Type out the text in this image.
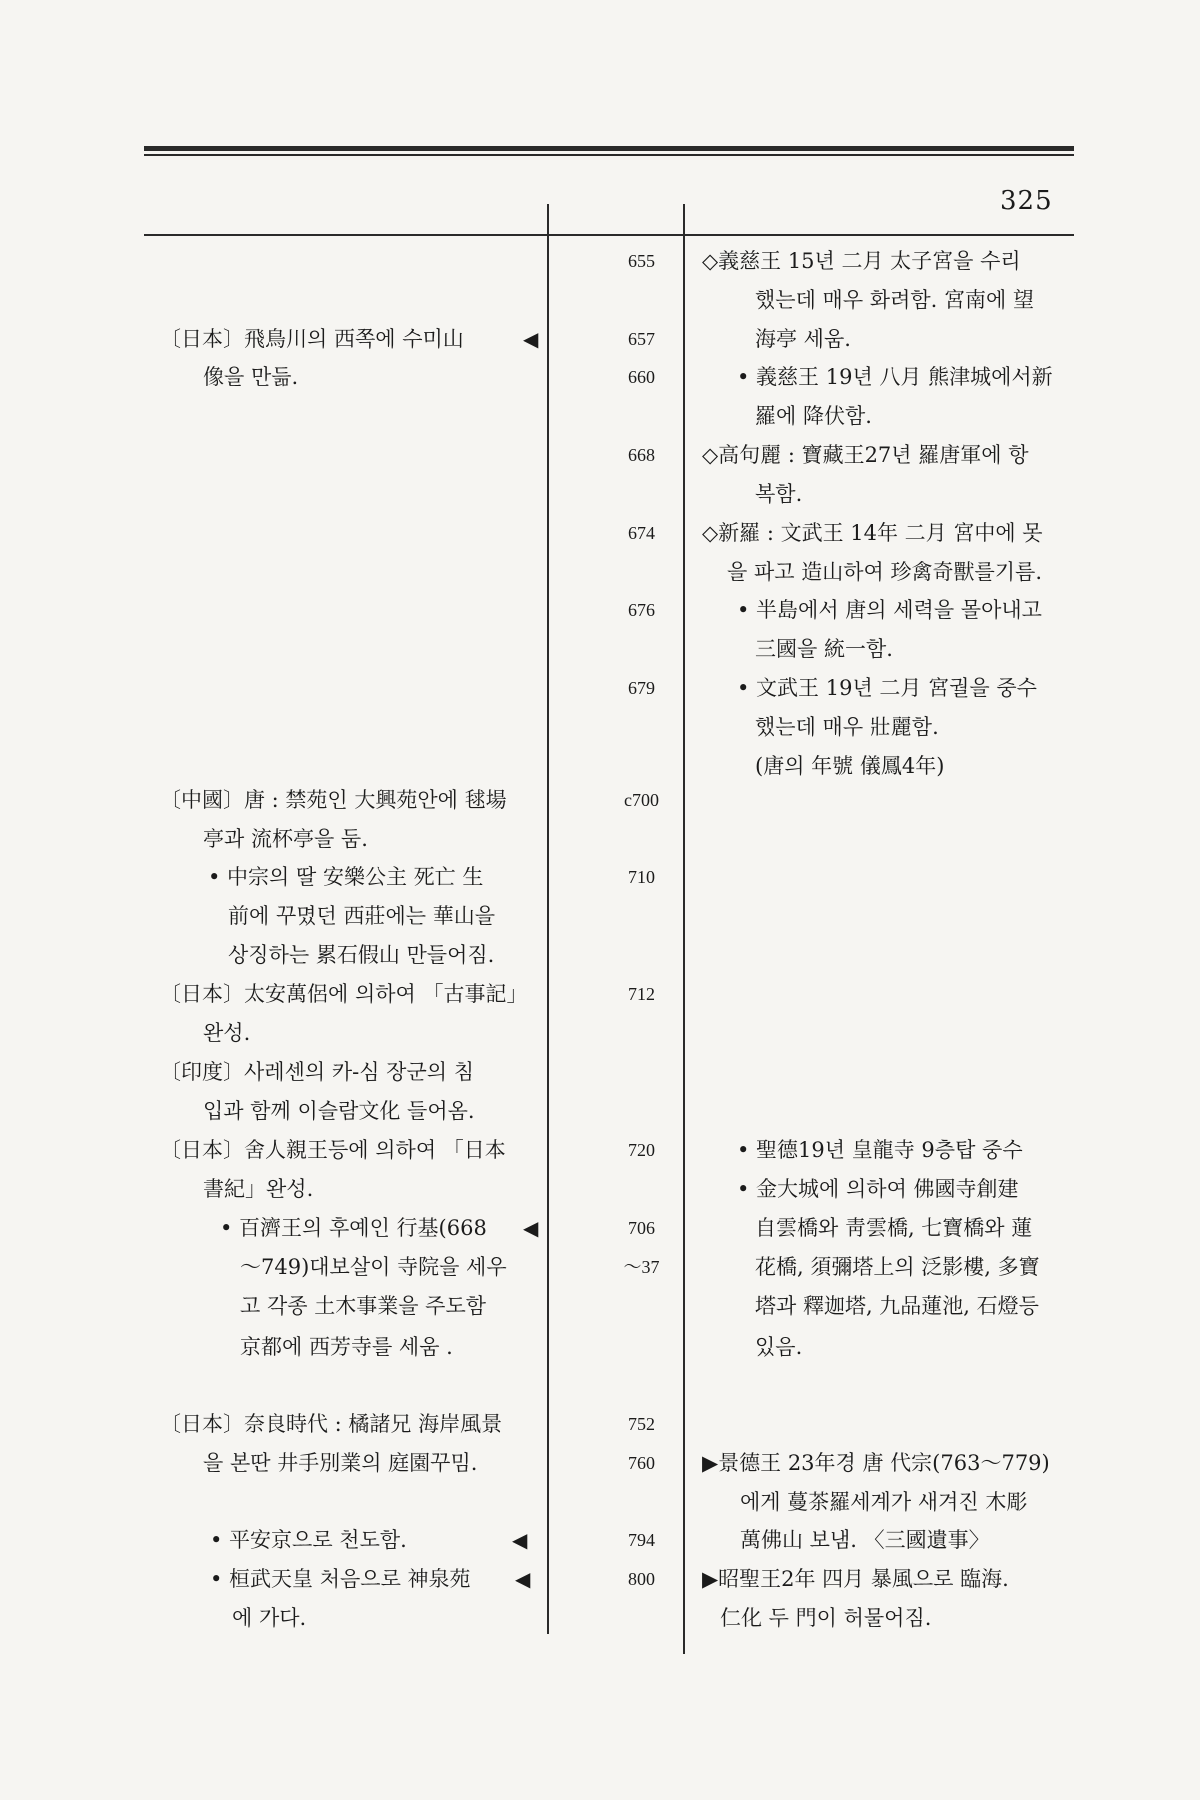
325
〔日本〕飛鳥川의 西쪽에 수미山	◀
像을 만듦.
〔中國〕唐 : 禁苑인 大興苑안에 毬場
亭과 流杯亭을 둠.
• 中宗의 딸 安樂公主 死亡 生
前에 꾸몄던 西莊에는 華山을
상징하는 累石假山 만들어짐.
〔日本〕太安萬侶에 의하여 「古事記」
완성.
〔印度〕사레센의 카-심 장군의 침
입과 함께 이슬람文化 들어옴.
〔日本〕舍人親王등에 의하여 「日本
書紀」완성.
• 百濟王의 후예인 行基(668 ◀
～749)대보살이 寺院을 세우
고 각종 土木事業을 주도함
京都에 西芳寺를 세움 .
〔日本〕奈良時代 : 橘諸兄 海岸風景
을 본딴 井手別業의 庭園꾸밈.
• 平安京으로 천도함.	◀
• 桓武天皇 처음으로 神泉苑 ◀
에 가다.
655
657
660
668
674
676
679
c700
710
712
720
706
～37
752
760
794
800
◇義慈王 15년 二月 太子宮을 수리
했는데 매우 화려함. 宮南에 望
海亭 세움.
• 義慈王 19년 八月 熊津城에서新
羅에 降伏함.
◇高句麗 : 寶藏王27년 羅唐軍에 항
복함.
◇新羅 : 文武王 14年 二月 宮中에 못
을 파고 造山하여 珍禽奇獸를기름.
• 半島에서 唐의 세력을 몰아내고
三國을 統一함.
• 文武王 19년 二月 宮궐을 중수
했는데 매우 壯麗함.
(唐의 年號 儀鳳4年)
• 聖德19년 皇龍寺 9층탑 중수
• 金大城에 의하여 佛國寺創建
自雲橋와 靑雲橋, 七寶橋와 蓮
花橋, 須彌塔上의 泛影樓, 多寶
塔과 釋迦塔, 九品蓮池, 石燈등
있음.
▶景德王 23年경 唐 代宗(763～779)
에게 蔓茶羅세계가 새겨진 木彫
萬佛山 보냄. 〈三國遺事〉
▶昭聖王2年 四月 暴風으로 臨海.
仁化 두 門이 허물어짐.
